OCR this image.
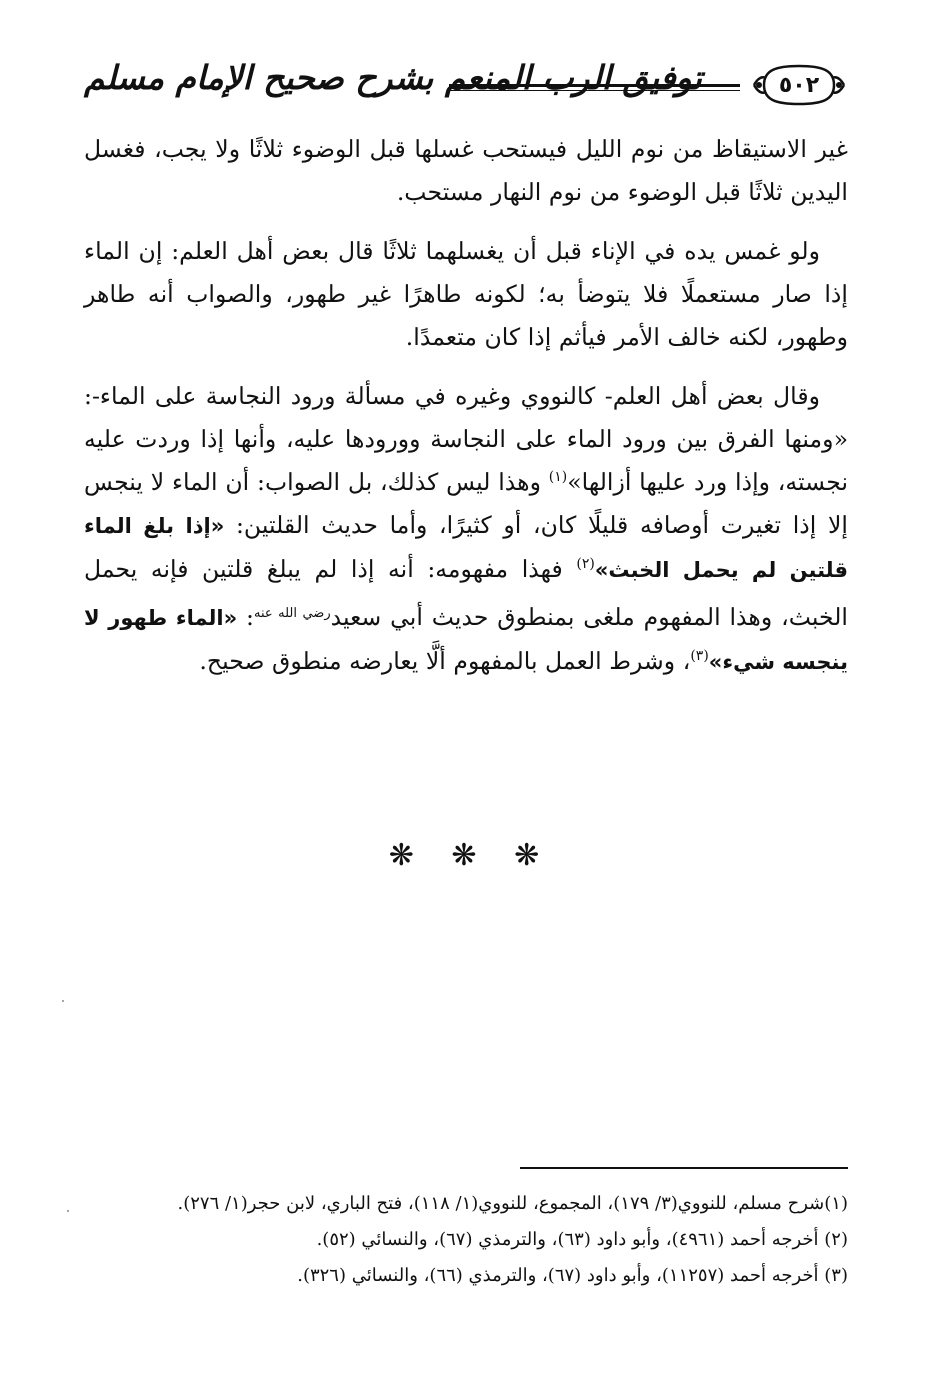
٥٠٢
توفيق الرب المنعم بشرح صحيح الإمام مسلم

غير الاستيقاظ من نوم الليل فيستحب غسلها قبل الوضوء ثلاثًا ولا يجب، فغسل اليدين ثلاثًا قبل الوضوء من نوم النهار مستحب.

ولو غمس يده في الإناء قبل أن يغسلهما ثلاثًا قال بعض أهل العلم: إن الماء إذا صار مستعملًا فلا يتوضأ به؛ لكونه طاهرًا غير طهور، والصواب أنه طاهر وطهور، لكنه خالف الأمر فيأثم إذا كان متعمدًا.

وقال بعض أهل العلم- كالنووي وغيره في مسألة ورود النجاسة على الماء-: «ومنها الفرق بين ورود الماء على النجاسة وورودها عليه، وأنها إذا وردت عليه نجسته، وإذا ورد عليها أزالها»$^{(١)}$ وهذا ليس كذلك، بل الصواب: أن الماء لا ينجس إلا إذا تغيرت أوصافه قليلًا كان، أو كثيرًا، وأما حديث القلتين: «إذا بلغ الماء قلتين لم يحمل الخبث»$^{(٢)}$ فهذا مفهومه: أنه إذا لم يبلغ قلتين فإنه يحمل الخبث، وهذا المفهوم ملغى بمنطوق حديث أبي سعيد$^{رضي الله عنه}$: «الماء طهور لا ينجسه شيء»$^{(٣)}$، وشرط العمل بالمفهوم ألَّا يعارضه منطوق صحيح.

❋ ❋ ❋
(١)شرح مسلم، للنووي(٣/ ١٧٩)، المجموع، للنووي(١/ ١١٨)، فتح الباري، لابن حجر(١/ ٢٧٦).
(٢) أخرجه أحمد (٤٩٦١)، وأبو داود (٦٣)، والترمذي (٦٧)، والنسائي (٥٢).
(٣) أخرجه أحمد (١١٢٥٧)، وأبو داود (٦٧)، والترمذي (٦٦)، والنسائي (٣٢٦).
